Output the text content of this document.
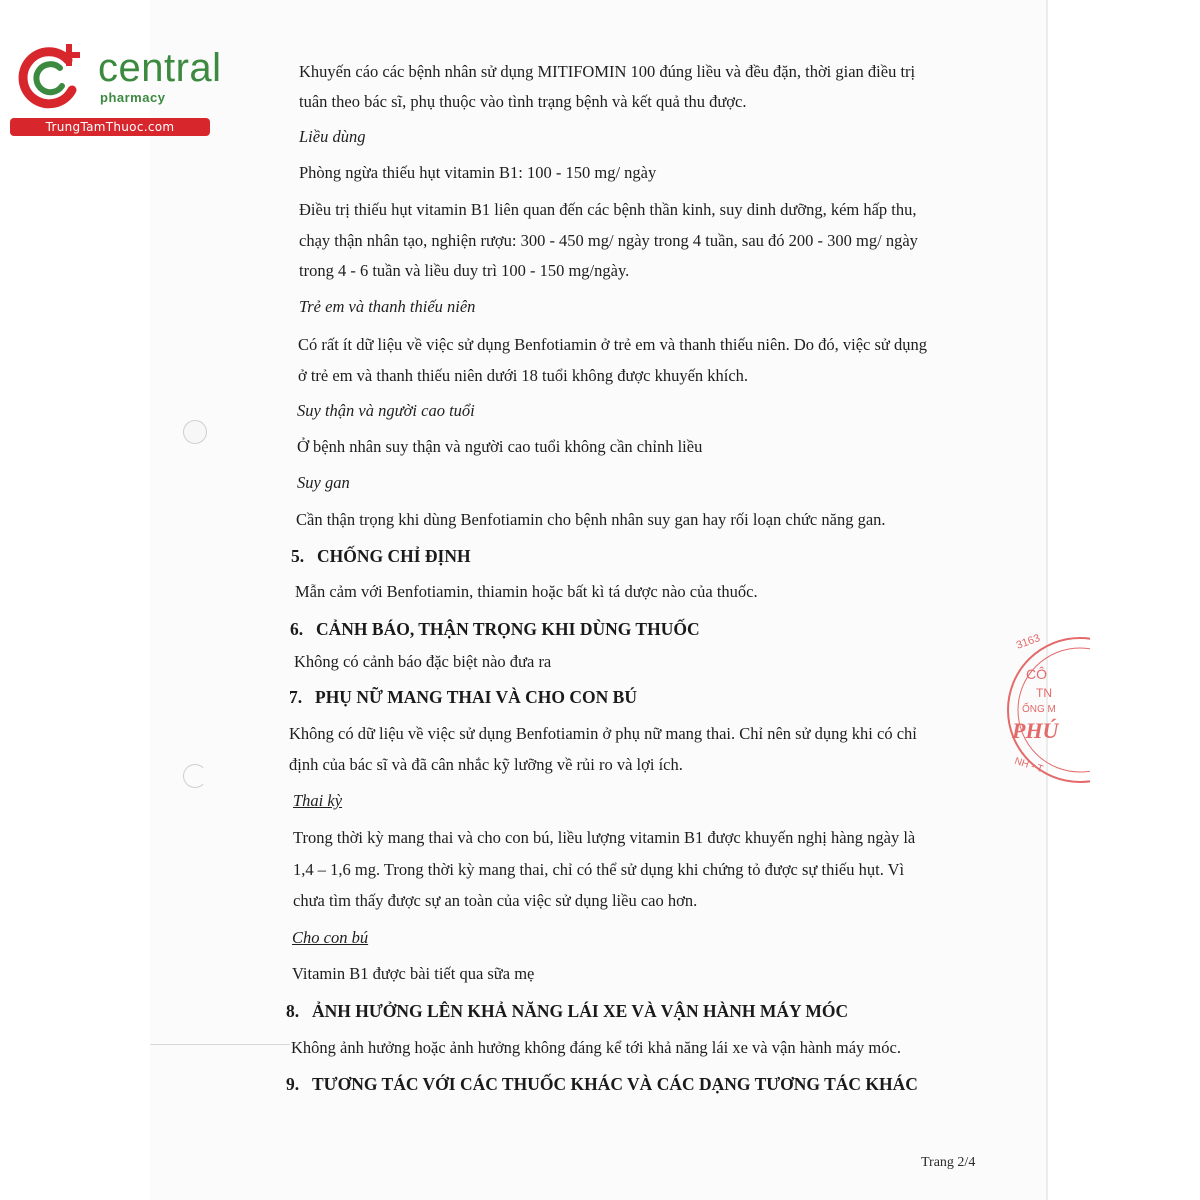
central
pharmacy
TrungTamThuoc.com
Khuyến cáo các bệnh nhân sử dụng MITIFOMIN 100 đúng liều và đều đặn, thời gian điều trị
tuân theo bác sĩ, phụ thuộc vào tình trạng bệnh và kết quả thu được.
Liều dùng
Phòng ngừa thiếu hụt vitamin B1: 100 - 150 mg/ ngày
Điều trị thiếu hụt vitamin B1 liên quan đến các bệnh thần kinh, suy dinh dưỡng, kém hấp thu,
chạy thận nhân tạo, nghiện rượu: 300 - 450 mg/ ngày trong 4 tuần, sau đó 200 - 300 mg/ ngày
trong 4 - 6 tuần và liều duy trì 100 - 150 mg/ngày.
Trẻ em và thanh thiếu niên
Có rất ít dữ liệu về việc sử dụng Benfotiamin ở trẻ em và thanh thiếu niên. Do đó, việc sử dụng
ở trẻ em và thanh thiếu niên dưới 18 tuổi không được khuyến khích.
Suy thận và người cao tuổi
Ở bệnh nhân suy thận và người cao tuổi không cần chỉnh liều
Suy gan
Cần thận trọng khi dùng Benfotiamin cho bệnh nhân suy gan hay rối loạn chức năng gan.
5. CHỐNG CHỈ ĐỊNH
Mẫn cảm với Benfotiamin, thiamin hoặc bất kì tá dược nào của thuốc.
6. CẢNH BÁO, THẬN TRỌNG KHI DÙNG THUỐC
Không có cảnh báo đặc biệt nào đưa ra
7. PHỤ NỮ MANG THAI VÀ CHO CON BÚ
Không có dữ liệu về việc sử dụng Benfotiamin ở phụ nữ mang thai. Chỉ nên sử dụng khi có chỉ
định của bác sĩ và đã cân nhắc kỹ lưỡng về rủi ro và lợi ích.
Thai kỳ
Trong thời kỳ mang thai và cho con bú, liều lượng vitamin B1 được khuyến nghị hàng ngày là
1,4 – 1,6 mg. Trong thời kỳ mang thai, chỉ có thể sử dụng khi chứng tỏ được sự thiếu hụt. Vì
chưa tìm thấy được sự an toàn của việc sử dụng liều cao hơn.
Cho con bú
Vitamin B1 được bài tiết qua sữa mẹ
8. ẢNH HƯỞNG LÊN KHẢ NĂNG LÁI XE VÀ VẬN HÀNH MÁY MÓC
Không ảnh hưởng hoặc ảnh hưởng không đáng kể tới khả năng lái xe và vận hành máy móc.
9. TƯƠNG TÁC VỚI CÁC THUỐC KHÁC VÀ CÁC DẠNG TƯƠNG TÁC KHÁC
3163
CÔ
TN
ỐNG M
PHÚ
NH - T
Trang 2/4
